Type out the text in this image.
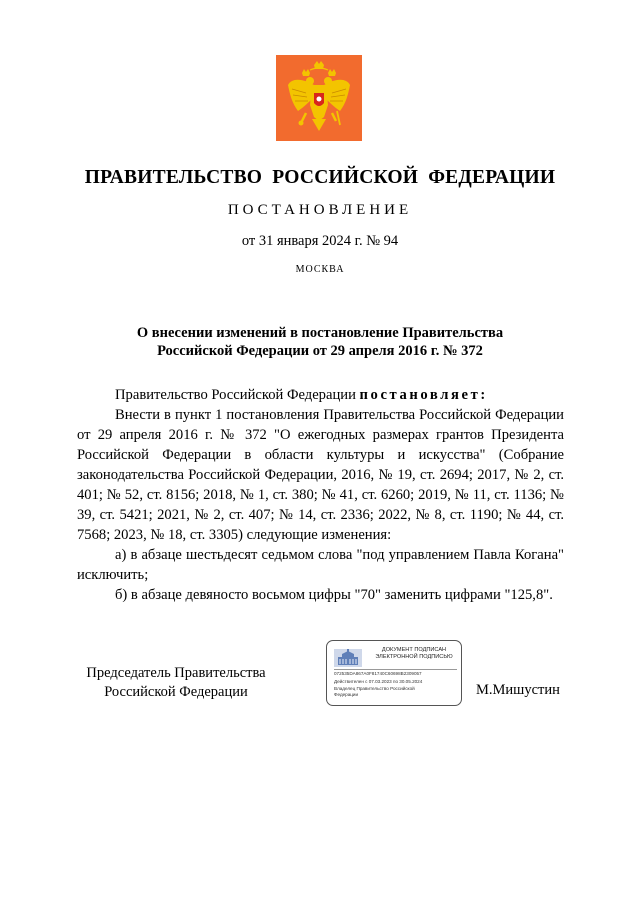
ПРАВИТЕЛЬСТВО  РОССИЙСКОЙ  ФЕДЕРАЦИИ
ПОСТАНОВЛЕНИЕ
от 31 января 2024 г. № 94
МОСКВА
О внесении изменений в постановление Правительства
Российской Федерации от 29 апреля 2016 г. № 372

Правительство Российской Федерации постановляет:

Внести в пункт 1 постановления Правительства Российской Федерации от 29 апреля 2016 г. № 372 "О ежегодных размерах грантов Президента Российской Федерации в области культуры и искусства" (Собрание законодательства Российской Федерации, 2016, № 19, ст. 2694; 2017, № 2, ст. 401; № 52, ст. 8156; 2018, № 1, ст. 380; № 41, ст. 6260; 2019, № 11, ст. 1136; № 39, ст. 5421; 2021, № 2, ст. 407; № 14, ст. 2336; 2022, № 8, ст. 1190; № 44, ст. 7568; 2023, № 18, ст. 3305) следующие изменения:

а) в абзаце шестьдесят седьмом слова "под управлением Павла Когана" исключить;

б) в абзаце девяносто восьмом цифры "70" заменить цифрами "125,8".

Председатель Правительства
Российской Федерации
ДОКУМЕНТ ПОДПИСАН
ЭЛЕКТРОННОЙ ПОДПИСЬЮ
072535DA867A0F81740C60698B2309057
Действителен с 07.03.2023 по 30.05.2024
Владелец Правительство Российской
Федерации	М.Мишустин
